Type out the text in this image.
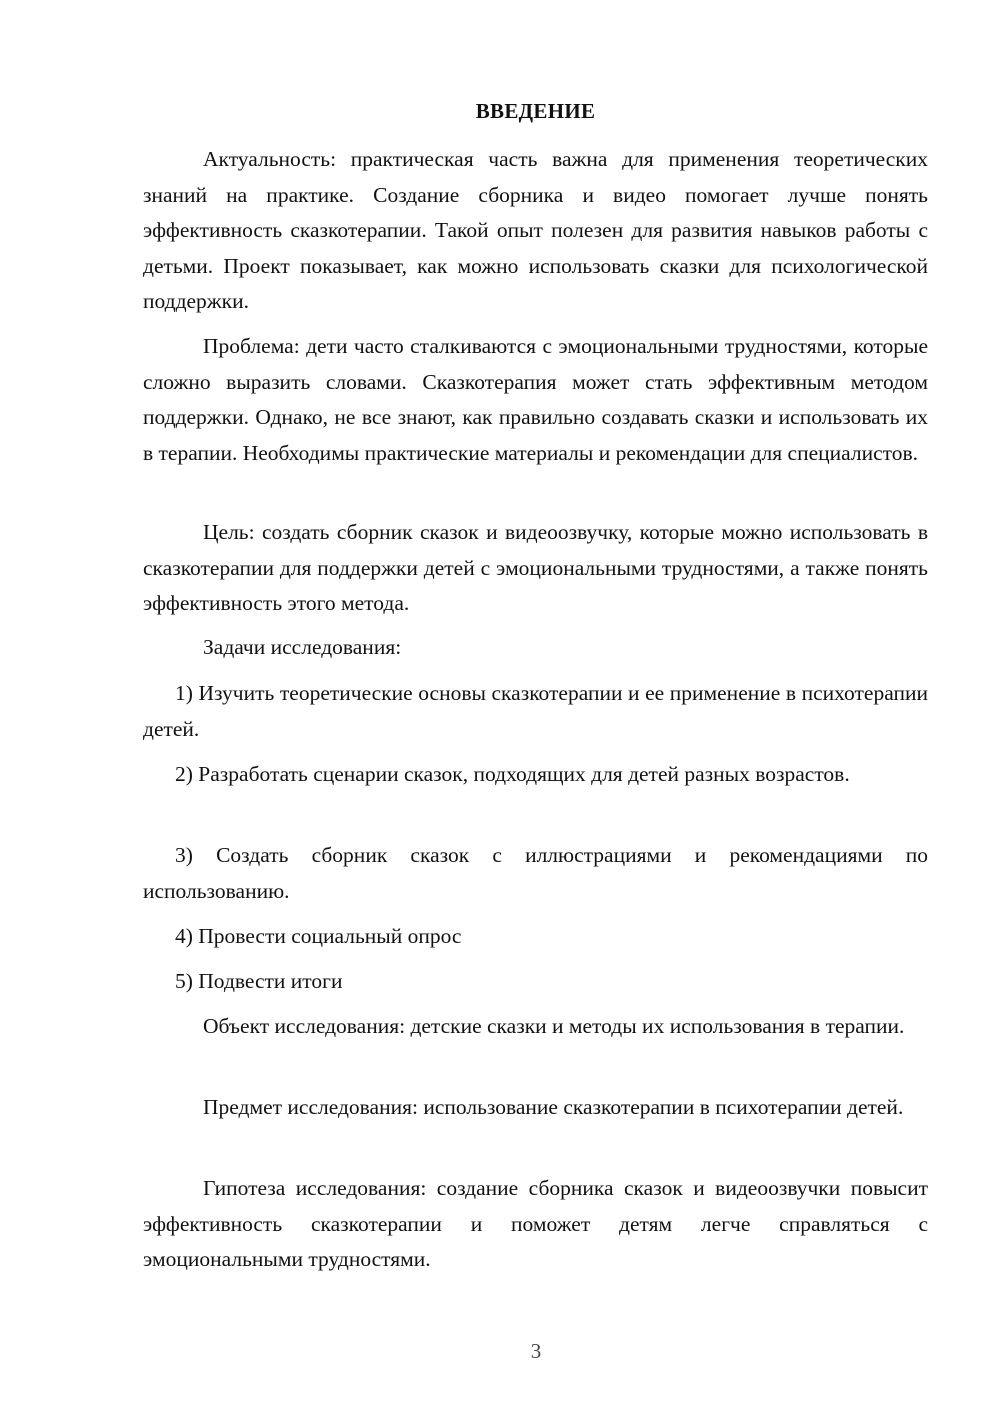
ВВЕДЕНИЕ

Актуальность: практическая часть важна для применения теоретических знаний на практике. Создание сборника и видео помогает лучше понять эффективность сказкотерапии. Такой опыт полезен для развития навыков работы с детьми. Проект показывает, как можно использовать сказки для психологической поддержки.

Проблема: дети часто сталкиваются с эмоциональными трудностями, которые сложно выразить словами. Сказкотерапия может стать эффективным методом поддержки. Однако, не все знают, как правильно создавать сказки и использовать их в терапии. Необходимы практические материалы и рекомендации для специалистов.

Цель: создать сборник сказок и видеоозвучку, которые можно использовать в сказкотерапии для поддержки детей с эмоциональными трудностями, а также понять эффективность этого метода.

Задачи исследования:

1) Изучить теоретические основы сказкотерапии и ее применение в психотерапии детей.

2) Разработать сценарии сказок, подходящих для детей разных возрастов.

3) Создать сборник сказок с иллюстрациями и рекомендациями по использованию.

4) Провести социальный опрос

5) Подвести итоги

Объект исследования: детские сказки и методы их использования в терапии.

Предмет исследования: использование сказкотерапии в психотерапии детей.

Гипотеза исследования: создание сборника сказок и видеоозвучки повысит эффективность сказкотерапии и поможет детям легче справляться с эмоциональными трудностями.

3
